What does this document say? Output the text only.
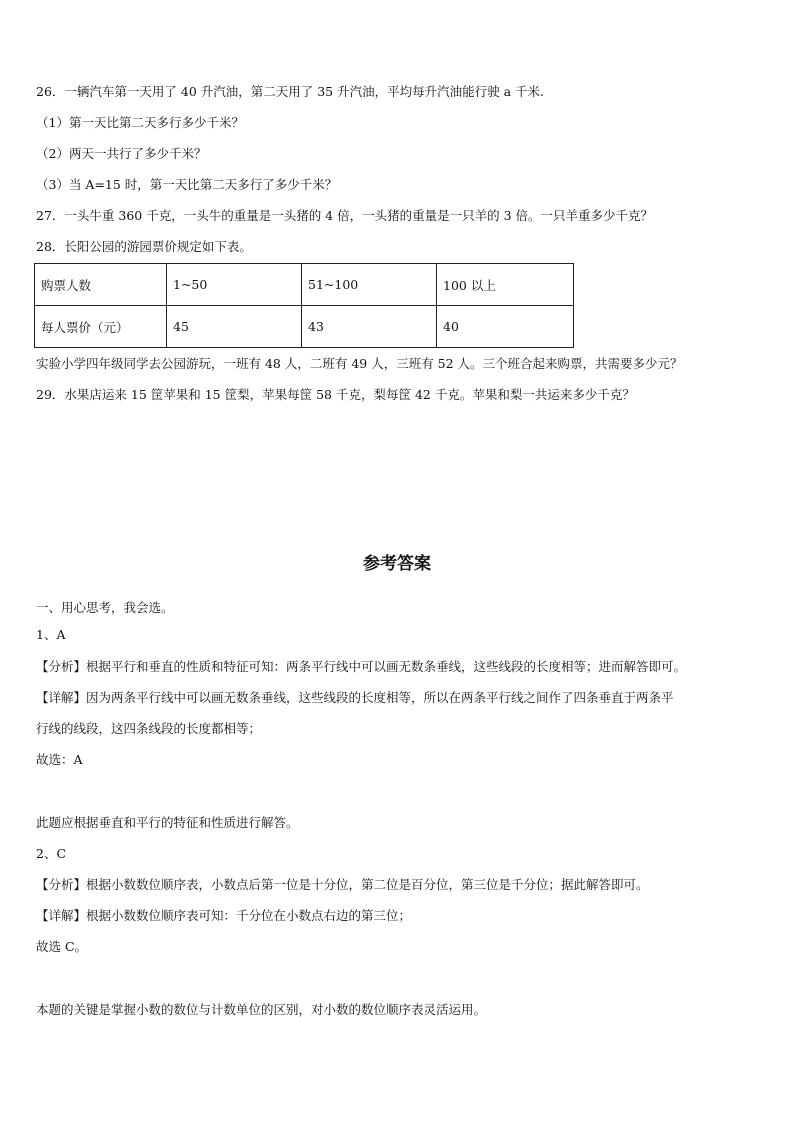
26．一辆汽车第一天用了 40 升汽油，第二天用了 35 升汽油，平均每升汽油能行驶 a 千米.
（1）第一天比第二天多行多少千米？
（2）两天一共行了多少千米？
（3）当 A=15 时，第一天比第二天多行了多少千米？
27．一头牛重 360 千克，一头牛的重量是一头猪的 4 倍，一头猪的重量是一只羊的 3 倍。一只羊重多少千克？
28．长阳公园的游园票价规定如下表。
购票人数	1~50	51~100	100 以上
每人票价（元）	45	43	40
实验小学四年级同学去公园游玩，一班有 48 人，二班有 49 人，三班有 52 人。三个班合起来购票，共需要多少元？
29．水果店运来 15 筐苹果和 15 筐梨，苹果每筐 58 千克，梨每筐 42 千克。苹果和梨一共运来多少千克？
参考答案
一、用心思考，我会选。
1、A
【分析】根据平行和垂直的性质和特征可知：两条平行线中可以画无数条垂线，这些线段的长度相等；进而解答即可。
【详解】因为两条平行线中可以画无数条垂线，这些线段的长度相等，所以在两条平行线之间作了四条垂直于两条平
行线的线段，这四条线段的长度都相等；
故选：A
此题应根据垂直和平行的特征和性质进行解答。
2、C
【分析】根据小数数位顺序表，小数点后第一位是十分位，第二位是百分位，第三位是千分位；据此解答即可。
【详解】根据小数数位顺序表可知：千分位在小数点右边的第三位；
故选 C。
本题的关键是掌握小数的数位与计数单位的区别，对小数的数位顺序表灵活运用。
